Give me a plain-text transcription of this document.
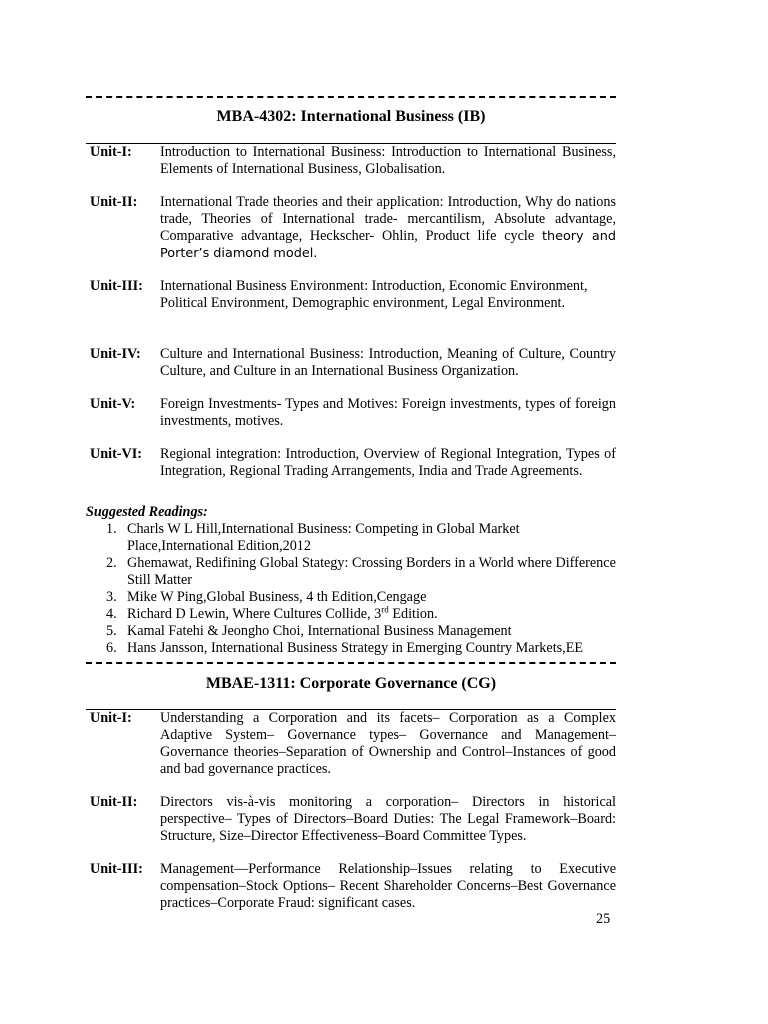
MBA-4302: International Business (IB)
Unit-I: Introduction to International Business: Introduction to International Business, Elements of International Business, Globalisation.
Unit-II: International Trade theories and their application: Introduction, Why do nations trade, Theories of International trade- mercantilism, Absolute advantage, Comparative advantage, Heckscher- Ohlin, Product life cycle theory and Porter’s diamond model.
Unit-III: International Business Environment: Introduction, Economic Environment, Political Environment, Demographic environment, Legal Environment.
Unit-IV: Culture and International Business: Introduction, Meaning of Culture, Country Culture, and Culture in an International Business Organization.
Unit-V: Foreign Investments- Types and Motives: Foreign investments, types of foreign investments, motives.
Unit-VI: Regional integration: Introduction, Overview of Regional Integration, Types of Integration, Regional Trading Arrangements, India and Trade Agreements.
Suggested Readings:
1. Charls W L Hill,International Business: Competing in Global Market Place,International Edition,2012
2. Ghemawat, Redifining Global Stategy: Crossing Borders in a World where Difference Still Matter
3. Mike W Ping,Global Business, 4 th Edition,Cengage
4. Richard D Lewin, Where Cultures Collide, 3rd Edition.
5. Kamal Fatehi & Jeongho Choi, International Business Management
6. Hans Jansson, International Business Strategy in Emerging Country Markets,EE
MBAE-1311: Corporate Governance (CG)
Unit-I: Understanding a Corporation and its facets– Corporation as a Complex Adaptive System– Governance types– Governance and Management–Governance theories–Separation of Ownership and Control–Instances of good and bad governance practices.
Unit-II: Directors vis-à-vis monitoring a corporation– Directors in historical perspective– Types of Directors–Board Duties: The Legal Framework–Board: Structure, Size–Director Effectiveness–Board Committee Types.
Unit-III: Management—Performance Relationship–Issues relating to Executive compensation–Stock Options– Recent Shareholder Concerns–Best Governance practices–Corporate Fraud: significant cases.
25
